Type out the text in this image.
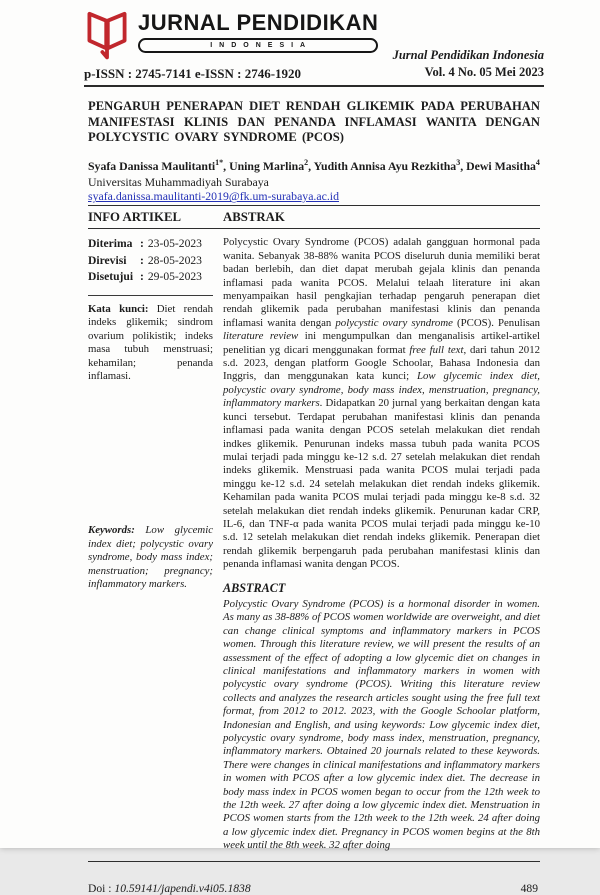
JURNAL PENDIDIKAN
INDONESIA
p-ISSN : 2745-7141 e-ISSN : 2746-1920
Jurnal Pendidikan Indonesia
Vol. 4 No. 05 Mei 2023
PENGARUH PENERAPAN DIET RENDAH GLIKEMIK PADA PERUBAHAN MANIFESTASI KLINIS DAN PENANDA INFLAMASI WANITA DENGAN POLYCYSTIC OVARY SYNDROME (PCOS)
Syafa Danissa Maulitanti$^{1*}$, Uning Marlina$^2$, Yudith Annisa Ayu Rezkitha$^3$, Dewi Masitha$^4$
Universitas Muhammadiyah Surabaya
syafa.danissa.maulitanti-2019@fk.um-surabaya.ac.id
INFO ARTIKEL	ABSTRAK
Diterima : 23-05-2023
Direvisi	: 28-05-2023
Disetujui : 29-05-2023
Kata kunci: Diet rendah indeks glikemik; sindrom ovarium polikistik; indeks masa tubuh menstruasi; kehamilan; penanda inflamasi.
Keywords: Low glycemic index diet; polycystic ovary syndrome, body mass index; menstruation; pregnancy; inflammatory markers.
Polycystic Ovary Syndrome (PCOS) adalah gangguan hormonal pada wanita. Sebanyak 38-88% wanita PCOS diseluruh dunia memiliki berat badan berlebih, dan diet dapat merubah gejala klinis dan penanda inflamasi pada wanita PCOS. Melalui telaah literature ini akan menyampaikan hasil pengkajian terhadap pengaruh penerapan diet rendah glikemik pada perubahan manifestasi klinis dan penanda inflamasi wanita dengan polycystic ovary syndrome (PCOS). Penulisan literature review ini mengumpulkan dan menganalisis artikel-artikel penelitian yg dicari menggunakan format free full text, dari tahun 2012 s.d. 2023, dengan platform Google Schoolar, Bahasa Indonesia dan Inggris, dan menggunakan kata kunci; Low glycemic index diet, polycystic ovary syndrome, body mass index, menstruation, pregnancy, inflammatory markers. Didapatkan 20 jurnal yang berkaitan dengan kata kunci tersebut. Terdapat perubahan manifestasi klinis dan penanda inflamasi pada wanita dengan PCOS setelah melakukan diet rendah indkes glikemik. Penurunan indeks massa tubuh pada wanita PCOS mulai terjadi pada minggu ke-12 s.d. 27 setelah melakukan diet rendah indeks glikemik. Menstruasi pada wanita PCOS mulai terjadi pada minggu ke-12 s.d. 24 setelah melakukan diet rendah indeks glikemik. Kehamilan pada wanita PCOS mulai terjadi pada minggu ke-8 s.d. 32 setelah melakukan diet rendah indeks glikemik. Penurunan kadar CRP, IL-6, dan TNF-α pada wanita PCOS mulai terjadi pada minggu ke-10 s.d. 12 setelah melakukan diet rendah indeks glikemik. Penerapan diet rendah glikemik berpengaruh pada perubahan manifestasi klinis dan penanda inflamasi wanita dengan PCOS.
ABSTRACT
Polycystic Ovary Syndrome (PCOS) is a hormonal disorder in women. As many as 38-88% of PCOS women worldwide are overweight, and diet can change clinical symptoms and inflammatory markers in PCOS women. Through this literature review, we will present the results of an assessment of the effect of adopting a low glycemic diet on changes in clinical manifestations and inflammatory markers in women with polycystic ovary syndrome (PCOS). Writing this literature review collects and analyzes the research articles sought using the free full text format, from 2012 to 2012. 2023, with the Google Schoolar platform, Indonesian and English, and using keywords: Low glycemic index diet, polycystic ovary syndrome, body mass index, menstruation, pregnancy, inflammatory markers. Obtained 20 journals related to these keywords. There were changes in clinical manifestations and inflammatory markers in women with PCOS after a low glycemic index diet. The decrease in body mass index in PCOS women began to occur from the 12th week to the 12th week. 27 after doing a low glycemic index diet. Menstruation in PCOS women starts from the 12th week to the 12th week. 24 after doing a low glycemic index diet. Pregnancy in PCOS women begins at the 8th week until the 8th week. 32 after doing
Doi : 10.59141/japendi.v4i05.1838	489
